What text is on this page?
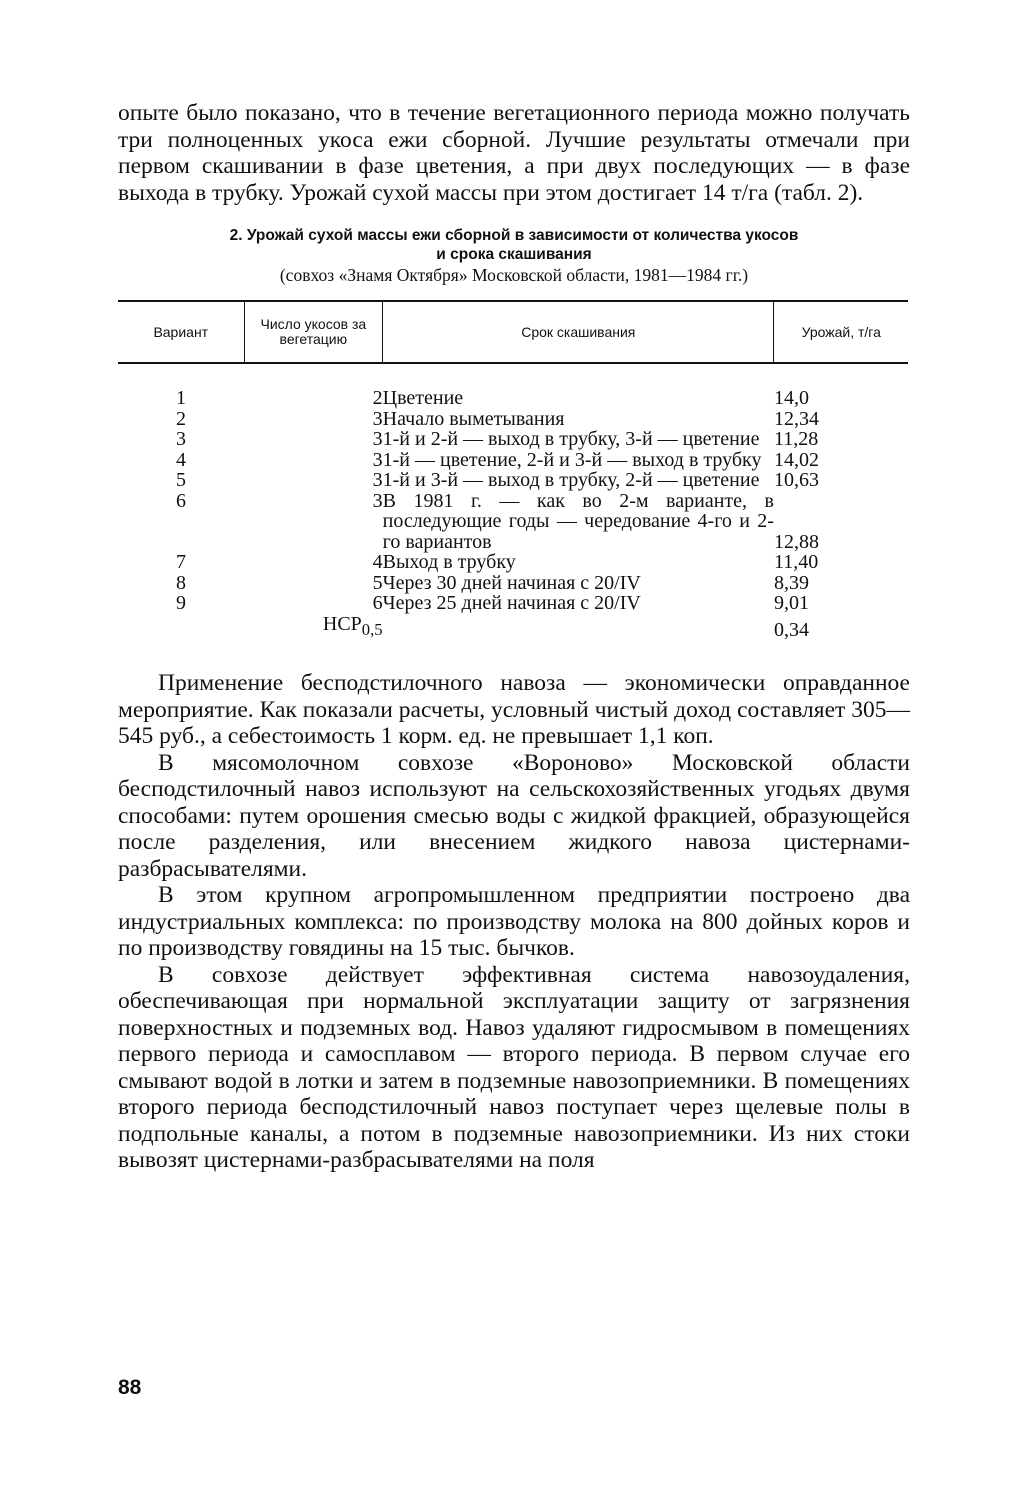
опыте было показано, что в течение вегетационного периода можно получать три полноценных укоса ежи сборной. Лучшие результаты отмечали при первом скашивании в фазе цветения, а при двух последующих — в фазе выхода в трубку. Урожай сухой массы при этом достигает 14 т/га (табл. 2).

2. Урожай сухой массы ежи сборной в зависимости от количества укосов
и срока скашивания
(совхоз «Знамя Октября» Московской области, 1981—1984 гг.)
Вариант	Число укосов за вегетацию	Срок скашивания	Урожай, т/га
1	2	Цветение	14,0
2	3	Начало выметывания	12,34
3	3	1-й и 2-й — выход в трубку, 3-й — цветение	11,28
4	3	1-й — цветение, 2-й и 3-й — выход в трубку	14,02
5	3	1-й и 3-й — выход в трубку, 2-й — цветение	10,63
6	3	В 1981 г. — как во 2-м варианте, в последующие годы — чередование 4-го и 2-го вариантов	12,88
7	4	Выход в трубку	11,40
8	5	Через 30 дней начиная с 20/IV	8,39
9	6	Через 25 дней начиная с 20/IV	9,01
	$НСР_{0,5}$		0,34

Применение бесподстилочного навоза — экономически оправданное мероприятие. Как показали расчеты, условный чистый доход составляет 305—545 руб., а себестоимость 1 корм. ед. не превышает 1,1 коп.

В мясомолочном совхозе «Вороново» Московской области бесподстилочный навоз используют на сельскохозяйственных угодьях двумя способами: путем орошения смесью воды с жидкой фракцией, образующейся после разделения, или внесением жидкого навоза цистернами-разбрасывателями.

В этом крупном агропромышленном предприятии построено два индустриальных комплекса: по производству молока на 800 дойных коров и по производству говядины на 15 тыс. бычков.

В совхозе действует эффективная система навозоудаления, обеспечивающая при нормальной эксплуатации защиту от загрязнения поверхностных и подземных вод. Навоз удаляют гидросмывом в помещениях первого периода и самосплавом — второго периода. В первом случае его смывают водой в лотки и затем в подземные навозоприемники. В помещениях второго периода бесподстилочный навоз поступает через щелевые полы в подпольные каналы, а потом в подземные навозоприемники. Из них стоки вывозят цистернами-разбрасывателями на поля

88
